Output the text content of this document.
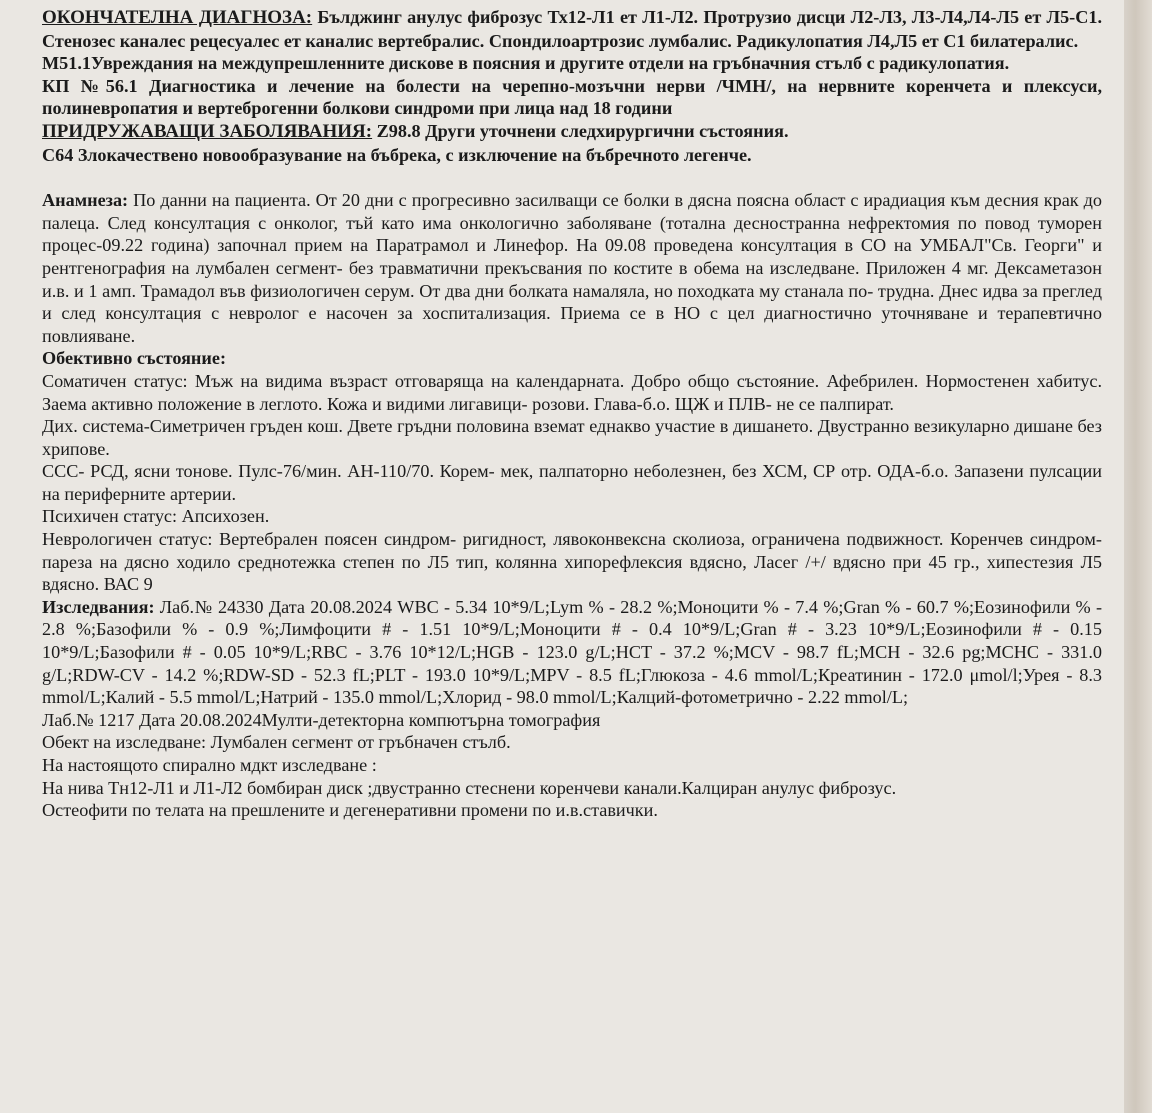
ОКОНЧАТЕЛНА ДИАГНОЗА: Бълджинг анулус фиброзус Тх12-Л1 ет Л1-Л2. Протрузио дисци Л2-Л3, Л3-Л4,Л4-Л5 ет Л5-С1. Стенозес каналес рецесуалес ет каналис вертебралис. Спондилоартрозис лумбалис. Радикулопатия Л4,Л5 ет С1 билатералис.

М51.1Увреждания на междупрешленните дискове в поясния и другите отдели на гръбначния стълб с радикулопатия.

КП №56.1 Диагностика и лечение на болести на черепно-мозъчни нерви /ЧМН/, на нервните коренчета и плексуси, полиневропатия и вертеброгенни болкови синдроми при лица над 18 години

ПРИДРУЖАВАЩИ ЗАБОЛЯВАНИЯ: Z98.8 Други уточнени следхирургични състояния.

С64 Злокачествено новообразувание на бъбрека, с изключение на бъбречното легенче.

Анамнеза: По данни на пациента. От 20 дни с прогресивно засилващи се болки в дясна поясна област с ирадиация към десния крак до палеца. След консултация с онколог, тъй като има онкологично заболяване (тотална десностранна нефректомия по повод туморен процес-09.22 година) започнал прием на Паратрамол и Линефор. На 09.08 проведена консултация в СО на УМБАЛ"Св. Георги" и рентгенография на лумбален сегмент- без травматични прекъсвания по костите в обема на изследване. Приложен 4 мг. Дексаметазон и.в. и 1 амп. Трамадол във физиологичен серум. От два дни болката намаляла, но походката му станала по- трудна. Днес идва за преглед и след консултация с невролог е насочен за хоспитализация. Приема се в НО с цел диагностично уточняване и терапевтично повлияване.

Обективно състояние:

Соматичен статус: Мъж на видима възраст отговаряща на календарната. Добро общо състояние. Афебрилен. Нормостенен хабитус. Заема активно положение в леглото. Кожа и видими лигавици- розови. Глава-б.о. ЩЖ и ПЛВ- не се палпират.

Дих. система-Симетричен гръден кош. Двете гръдни половина вземат еднакво участие в дишането. Двустранно везикуларно дишане без хрипове.

ССС- РСД, ясни тонове. Пулс-76/мин. АН-110/70. Корем- мек, палпаторно неболезнен, без ХСМ, СР отр. ОДА-б.о. Запазени пулсации на периферните артерии.

Психичен статус: Апсихозен.

Неврологичен статус: Вертебрален поясен синдром- ригидност, лявоконвексна сколиоза, ограничена подвижност. Коренчев синдром- пареза на дясно ходило среднотежка степен по Л5 тип, колянна хипорефлексия вдясно, Ласег /+/ вдясно при 45 гр., хипестезия Л5 вдясно. ВАС 9

Изследвания: Лаб.№ 24330 Дата 20.08.2024 WBC - 5.34 10*9/L;Lym % - 28.2 %;Моноцити % - 7.4 %;Gran % - 60.7 %;Еозинофили % - 2.8 %;Базофили % - 0.9 %;Лимфоцити # - 1.51 10*9/L;Моноцити # - 0.4 10*9/L;Gran # - 3.23 10*9/L;Еозинофили # - 0.15 10*9/L;Базофили # - 0.05 10*9/L;RBC - 3.76 10*12/L;HGB - 123.0 g/L;HCT - 37.2 %;MCV - 98.7 fL;MCH - 32.6 pg;MCHC - 331.0 g/L;RDW-CV - 14.2 %;RDW-SD - 52.3 fL;PLT - 193.0 10*9/L;MPV - 8.5 fL;Глюкоза - 4.6 mmol/L;Креатинин - 172.0 μmol/l;Урея - 8.3 mmol/L;Калий - 5.5 mmol/L;Натрий - 135.0 mmol/L;Хлорид - 98.0 mmol/L;Калций-фотометрично - 2.22 mmol/L;

Лаб.№ 1217 Дата 20.08.2024Мулти-детекторна компютърна томография

Обект на изследване: Лумбален сегмент от гръбначен стълб.

На настоящото спирално мдкт изследване :

На нива Тн12-Л1 и Л1-Л2 бомбиран диск ;двустранно стеснени коренчеви канали.Калциран анулус фиброзус.

Остеофити по телата на прешлените и дегенеративни промени по и.в.ставички.
